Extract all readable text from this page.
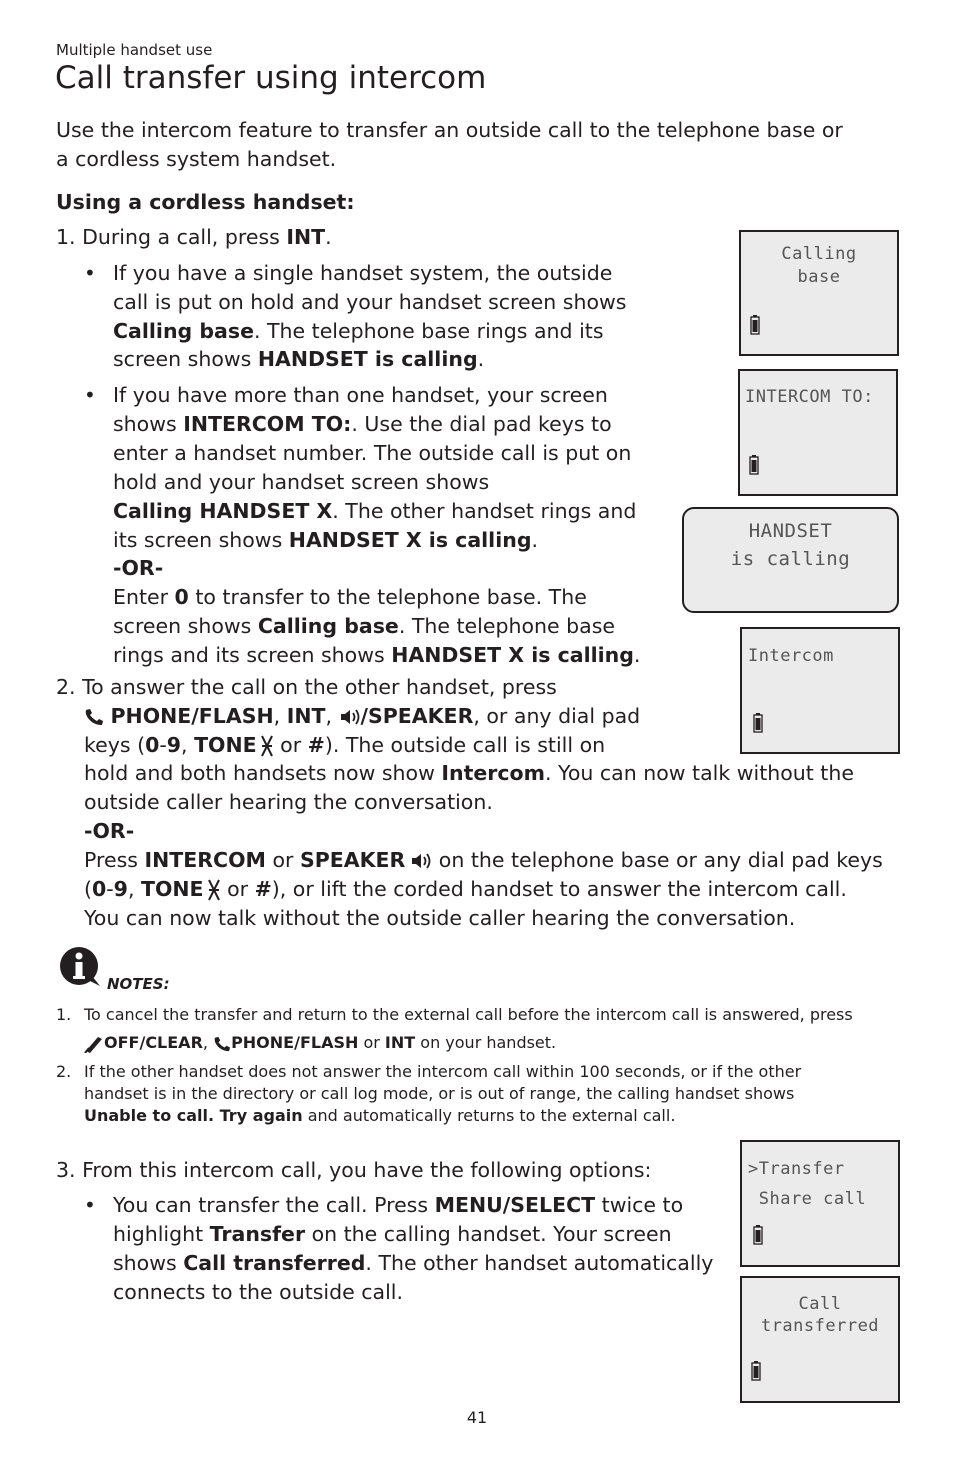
Multiple handset use
Call transfer using intercom
Use the intercom feature to transfer an outside call to the telephone base or
a cordless system handset.
Using a cordless handset:
1. During a call, press INT.
• If you have a single handset system, the outside
call is put on hold and your handset screen shows
Calling base. The telephone base rings and its
screen shows HANDSET is calling.
• If you have more than one handset, your screen
shows INTERCOM TO:. Use the dial pad keys to
enter a handset number. The outside call is put on
hold and your handset screen shows
Calling HANDSET X. The other handset rings and
its screen shows HANDSET X is calling.
-OR-
Enter 0 to transfer to the telephone base. The
screen shows Calling base. The telephone base
rings and its screen shows HANDSET X is calling.
2. To answer the call on the other handset, press
PHONE/FLASH, INT, /SPEAKER, or any dial pad
keys (0-9, TONE or #). The outside call is still on
hold and both handsets now show Intercom. You can now talk without the
outside caller hearing the conversation.
-OR-
Press INTERCOM or SPEAKER on the telephone base or any dial pad keys
(0-9, TONE or #), or lift the corded handset to answer the intercom call.
You can now talk without the outside caller hearing the conversation.
NOTES:
1. To cancel the transfer and return to the external call before the intercom call is answered, press
OFF/CLEAR, PHONE/FLASH or INT on your handset.
2. If the other handset does not answer the intercom call within 100 seconds, or if the other
handset is in the directory or call log mode, or is out of range, the calling handset shows
Unable to call. Try again and automatically returns to the external call.
3. From this intercom call, you have the following options:
• You can transfer the call. Press MENU/SELECT twice to
highlight Transfer on the calling handset. Your screen
shows Call transferred. The other handset automatically
connects to the outside call.
Calling
base
INTERCOM TO:
HANDSET
is calling
Intercom
>Transfer
Share call
Call
transferred
41
